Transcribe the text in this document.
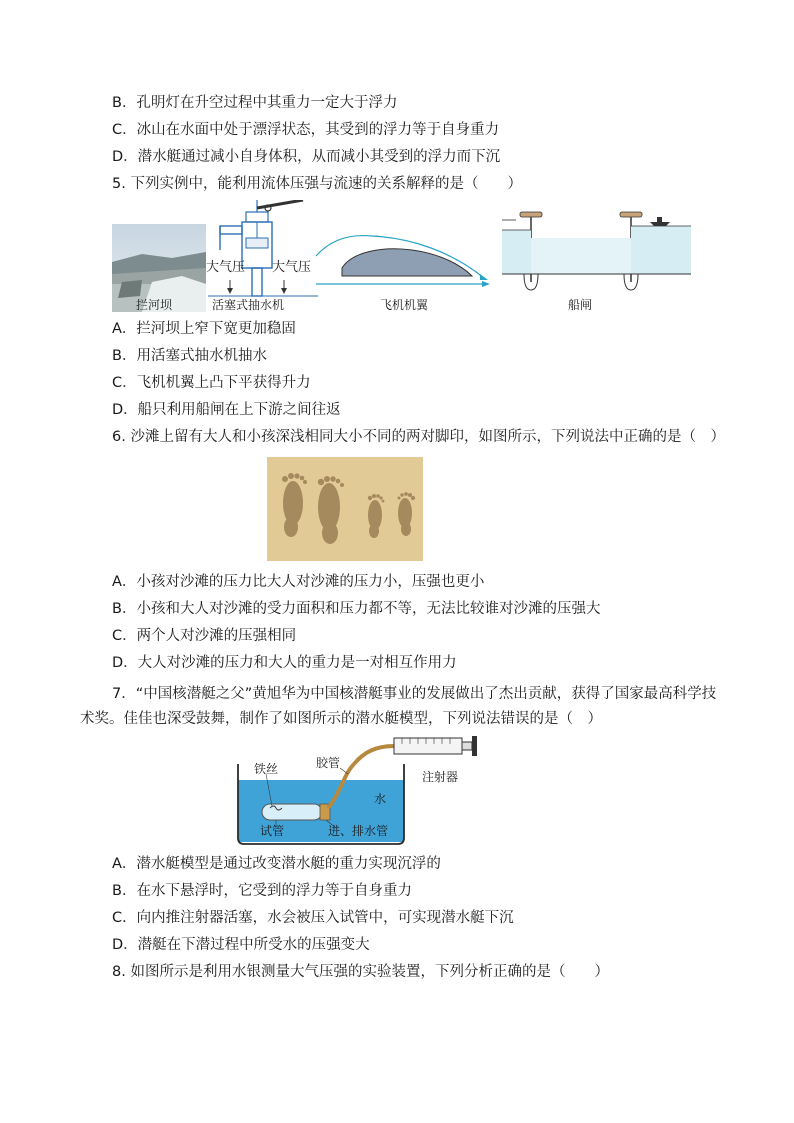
B．孔明灯在升空过程中其重力一定大于浮力
C．冰山在水面中处于漂浮状态，其受到的浮力等于自身重力
D．潜水艇通过减小自身体积，从而减小其受到的浮力而下沉
5. 下列实例中，能利用流体压强与流速的关系解释的是（　　）
拦河坝
大气压 大气压
活塞式抽水机	飞机机翼	船闸
A．拦河坝上窄下宽更加稳固
B．用活塞式抽水机抽水
C．飞机机翼上凸下平获得升力
D．船只利用船闸在上下游之间往返
6. 沙滩上留有大人和小孩深浅相同大小不同的两对脚印，如图所示，下列说法中正确的是（　）
A．小孩对沙滩的压力比大人对沙滩的压力小，压强也更小
B．小孩和大人对沙滩的受力面积和压力都不等，无法比较谁对沙滩的压强大
C．两个人对沙滩的压强相同
D．大人对沙滩的压力和大人的重力是一对相互作用力
7．“中国核潜艇之父”黄旭华为中国核潜艇事业的发展做出了杰出贡献，获得了国家最高科学技
术奖。佳佳也深受鼓舞，制作了如图所示的潜水艇模型，下列说法错误的是（　）
铁丝	胶管
注射器
水
试管	进、排水管
A．潜水艇模型是通过改变潜水艇的重力实现沉浮的
B．在水下悬浮时，它受到的浮力等于自身重力
C．向内推注射器活塞，水会被压入试管中，可实现潜水艇下沉
D．潜艇在下潜过程中所受水的压强变大
8. 如图所示是利用水银测量大气压强的实验装置，下列分析正确的是（　　）
